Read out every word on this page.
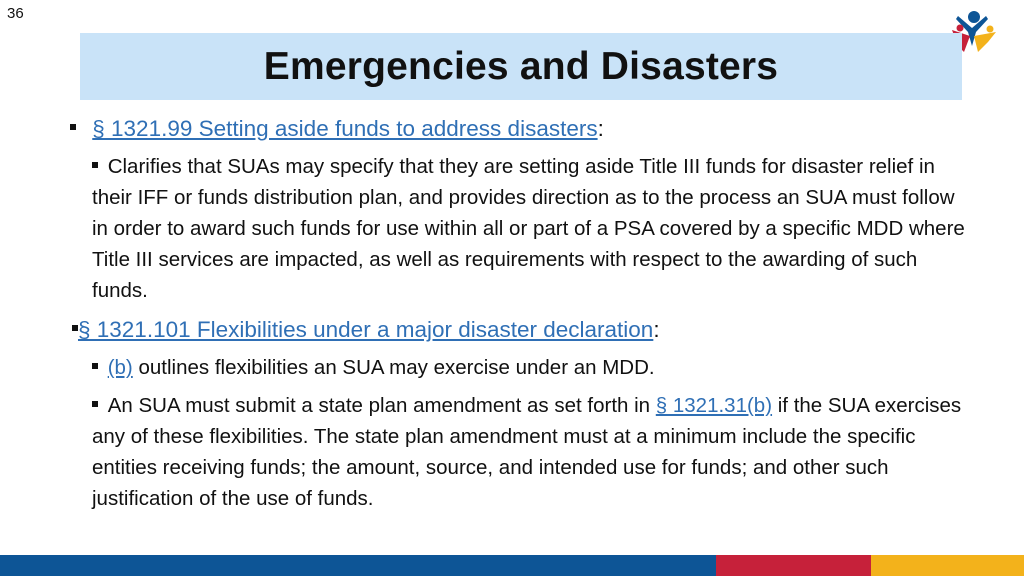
36
Emergencies and Disasters
§ 1321.99 Setting aside funds to address disasters:
Clarifies that SUAs may specify that they are setting aside Title III funds for disaster relief in their IFF or funds distribution plan, and provides direction as to the process an SUA must follow in order to award such funds for use within all or part of a PSA covered by a specific MDD where Title III services are impacted, as well as requirements with respect to the awarding of such funds.
§ 1321.101 Flexibilities under a major disaster declaration:
(b) outlines flexibilities an SUA may exercise under an MDD.
An SUA must submit a state plan amendment as set forth in § 1321.31(b) if the SUA exercises any of these flexibilities. The state plan amendment must at a minimum include the specific entities receiving funds; the amount, source, and intended use for funds; and other such justification of the use of funds.
